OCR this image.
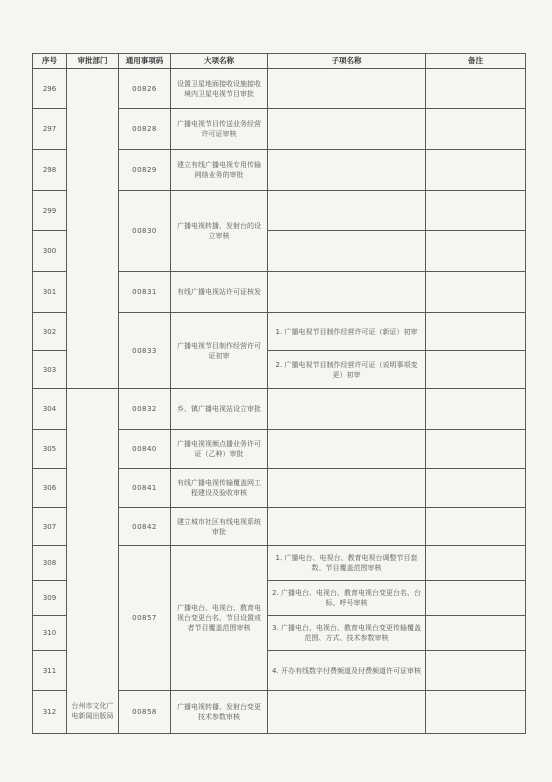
序号	审批部门	通用事项码	大项名称	子项名称	备注
296		00826	设置卫星地面接收设施接收境内卫星电视节目审批		
297		00828	广播电视节目传送业务经营许可证审核		
298		00829	建立有线广播电视专用传输网络业务的审批		
299		00830	广播电视转播、发射台的设立审核		
300					
301		00831	有线广播电视站许可证核发		
302		00833	广播电视节目制作经营许可证初审	1. 广播电视节目制作经营许可证（新证）初审	
303				2. 广播电视节目制作经营许可证（说明事项变更）初审	
304	台州市文化广电新闻出版局	00832	乡、镇广播电视站设立审批		
305		00840	广播电视视频点播业务许可证（乙种）审批		
306		00841	有线广播电视传输覆盖网工程建设及验收审核		
307		00842	建立城市社区有线电视系统审批		
308		00857	广播电台、电视台、教育电视台变更台名、节目设置或者节目覆盖范围审核	1. 广播电台、电视台、教育电视台调整节目套数、节目覆盖范围审核	
309				2. 广播电台、电视台、教育电视台变更台名、台标、呼号审核	
310				3. 广播电台、电视台、教育电视台变更传输覆盖范围、方式、技术参数审核	
311				4. 开办有线数字付费频道及付费频道许可证审核	
312		00858	广播电视转播、发射台变更技术参数审核		
